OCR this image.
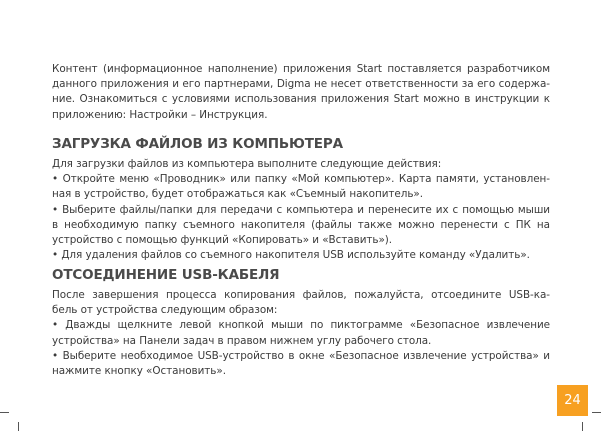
Контент (информационное наполнение) приложения Start поставляется разработчиком
данного приложения и его партнерами, Digma не несет ответственности за его содержа-
ние. Ознакомиться с условиями использования приложения Start можно в инструкции к
приложению: Настройки – Инструкция.
ЗАГРУЗКА ФАЙЛОВ ИЗ КОМПЬЮТЕРА
Для загрузки файлов из компьютера выполните следующие действия:
• Откройте меню «Проводник» или папку «Мой компьютер». Карта памяти, установлен-
ная в устройство, будет отображаться как «Съемный накопитель».
• Выберите файлы/папки для передачи с компьютера и перенесите их с помощью мыши
в необходимую папку съемного накопителя (файлы также можно перенести с ПК на
устройство с помощью функций «Копировать» и «Вставить»).
• Для удаления файлов со съемного накопителя USB используйте команду «Удалить».
ОТСОЕДИНЕНИЕ USB-КАБЕЛЯ
После завершения процесса копирования файлов, пожалуйста, отсоедините USB-ка-
бель от устройства следующим образом:
• Дважды щелкните левой кнопкой мыши по пиктограмме «Безопасное извлечение
устройства» на Панели задач в правом нижнем углу рабочего стола.
• Выберите необходимое USB-устройство в окне «Безопасное извлечение устройства» и
нажмите кнопку «Остановить».
24
